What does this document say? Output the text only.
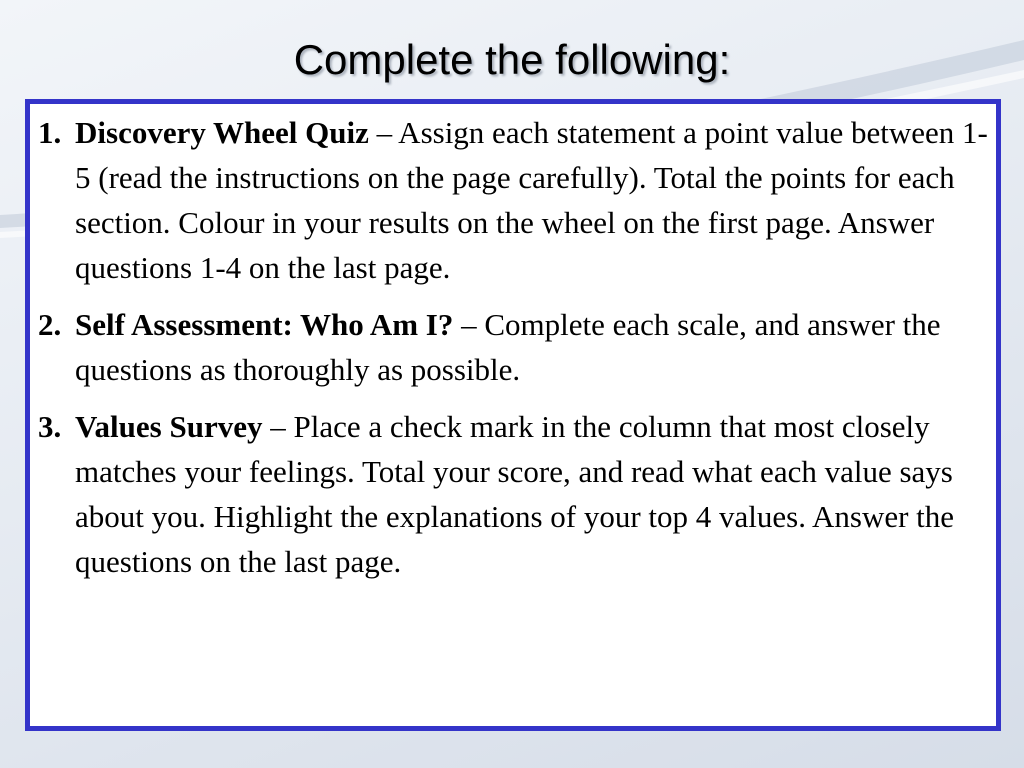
Complete the following:
1. Discovery Wheel Quiz – Assign each statement a point value between 1-5 (read the instructions on the page carefully). Total the points for each section. Colour in your results on the wheel on the first page. Answer questions 1-4 on the last page.
2. Self Assessment: Who Am I? – Complete each scale, and answer the questions as thoroughly as possible.
3. Values Survey – Place a check mark in the column that most closely matches your feelings. Total your score, and read what each value says about you. Highlight the explanations of your top 4 values. Answer the questions on the last page.
